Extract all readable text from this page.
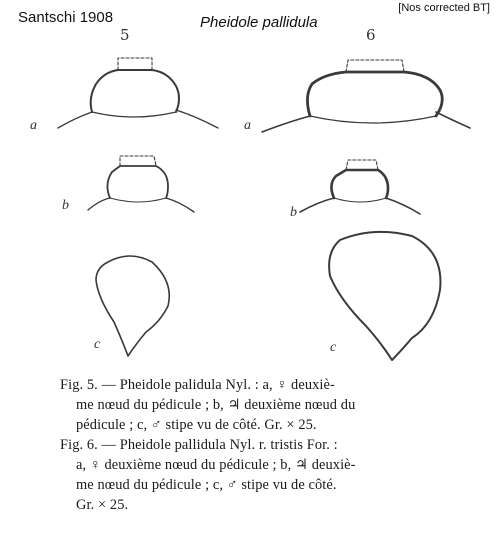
Santschi 1908	Pheidole pallidula
[Nos corrected BT]
5	6
a	a
b	b
c	c
Fig. 5. — Pheidole palidula Nyl. : a, ♀ deuxiè-
me nœud du pédicule ; b, ♃ deuxième nœud du
pédicule ; c, ♂ stipe vu de côté. Gr. × 25.
Fig. 6. — Pheidole pallidula Nyl. r. tristis For. :
a, ♀ deuxième nœud du pédicule ; b, ♃ deuxiè-
me nœud du pédicule ; c, ♂ stipe vu de côté.
Gr. × 25.
